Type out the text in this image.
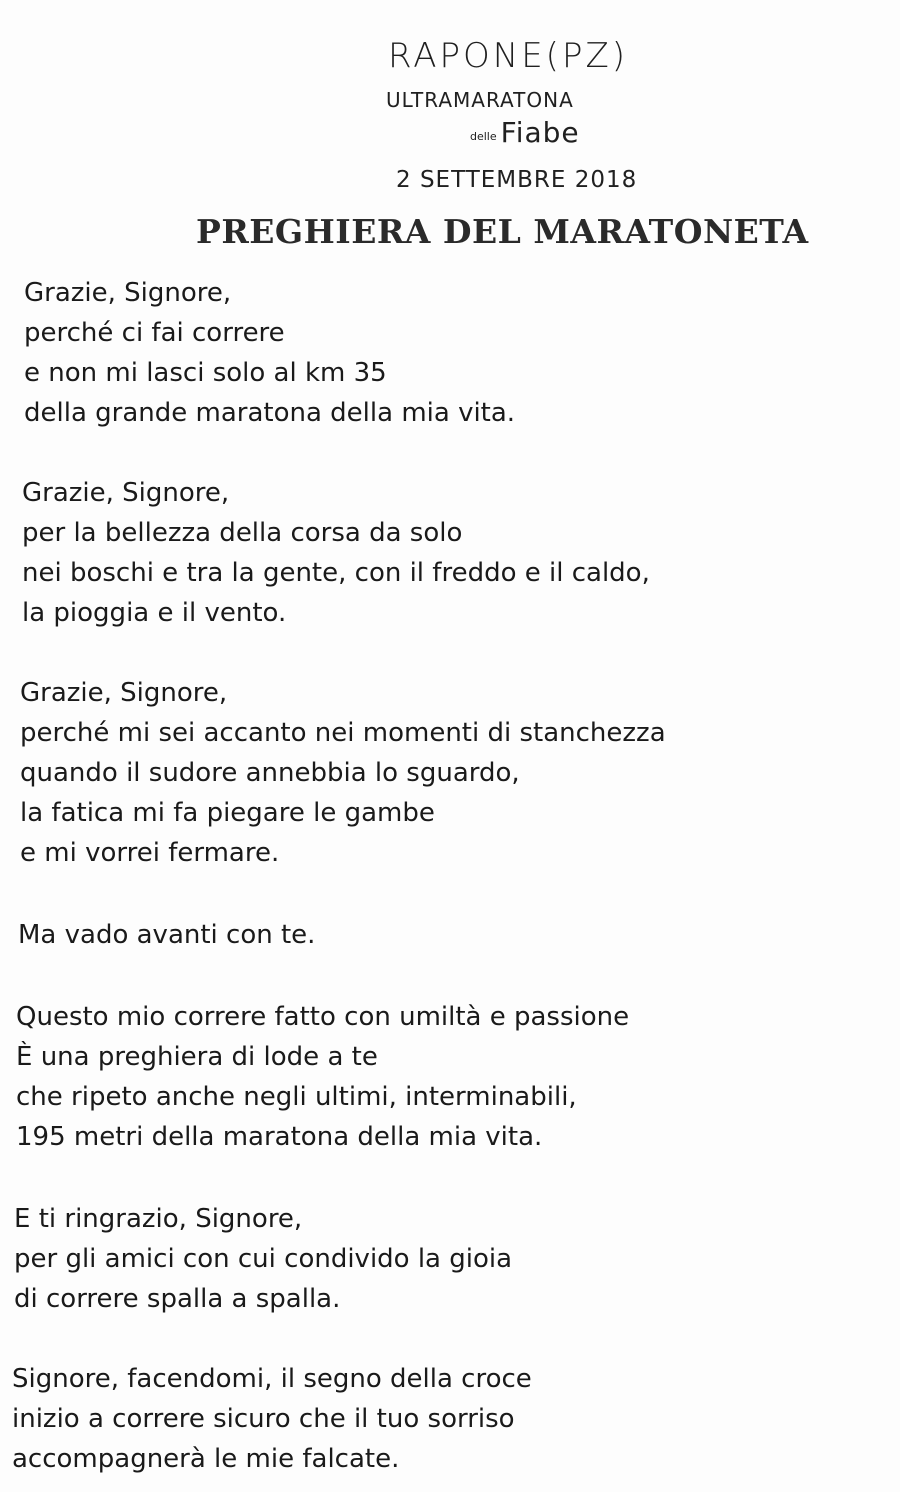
RAPONE(PZ)
ULTRAMARATONA
delle Fiabe
2 SETTEMBRE 2018
PREGHIERA DEL MARATONETA
Grazie, Signore,
perché ci fai correre
e non mi lasci solo al km 35
della grande maratona della mia vita.
Grazie, Signore,
per la bellezza della corsa da solo
nei boschi e tra la gente, con il freddo e il caldo,
la pioggia e il vento.
Grazie, Signore,
perché mi sei accanto nei momenti di stanchezza
quando il sudore annebbia lo sguardo,
la fatica mi fa piegare le gambe
e mi vorrei fermare.
Ma vado avanti con te.
Questo mio correre fatto con umiltà e passione
È una preghiera di lode a te
che ripeto anche negli ultimi, interminabili,
195 metri della maratona della mia vita.
E ti ringrazio, Signore,
per gli amici con cui condivido la gioia
di correre spalla a spalla.
Signore, facendomi, il segno della croce
inizio a correre sicuro che il tuo sorriso
accompagnerà le mie falcate.
